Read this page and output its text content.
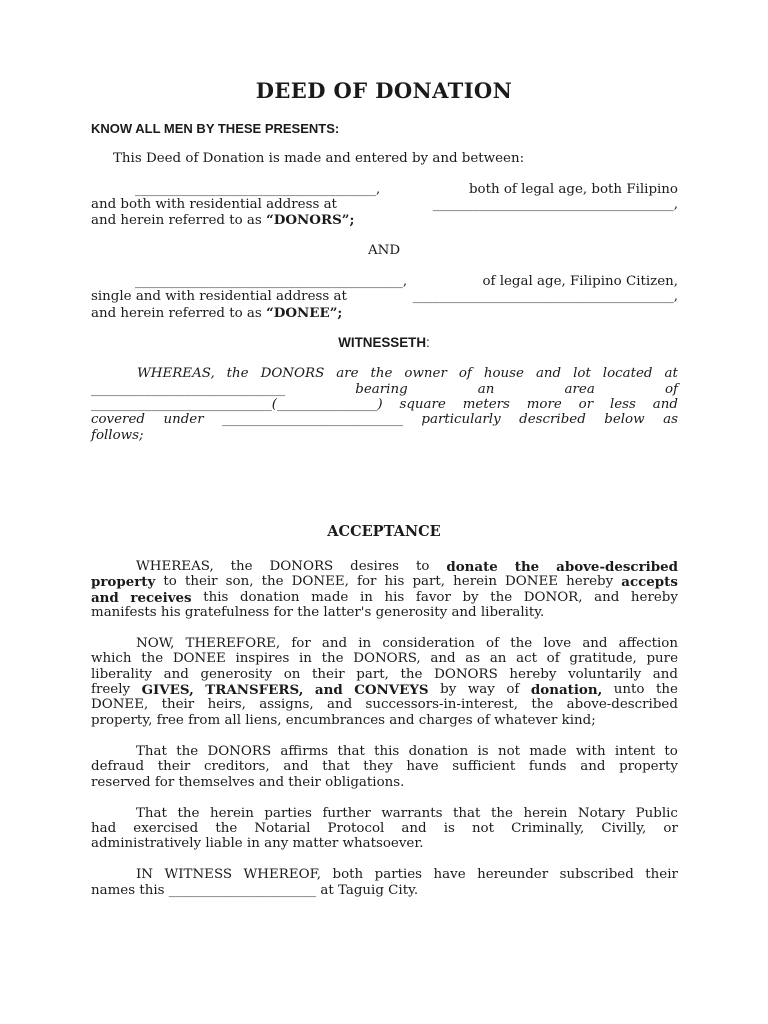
DEED OF DONATION
KNOW ALL MEN BY THESE PRESENTS:
This Deed of Donation is made and entered by and between:
____________________________________,	both of legal age, both Filipino
and both with residential address at	____________________________________,
and herein referred to as “DONORS”;
AND
________________________________________,	of legal age, Filipino Citizen,
single and with residential address at	_______________________________________,
and herein referred to as “DONEE”;
WITNESSETH:
WHEREAS, the DONORS are the owner of house and lot located at
_____________________________	bearing	an	area	of
___________________________(_______________) square meters more or less and
covered under ___________________________ particularly described below as
follows;
ACCEPTANCE
WHEREAS, the DONORS desires to donate the above-described
property to their son, the DONEE, for his part, herein DONEE hereby accepts
and receives this donation made in his favor by the DONOR, and hereby
manifests his gratefulness for the latter's generosity and liberality.
NOW, THEREFORE, for and in consideration of the love and affection
which the DONEE inspires in the DONORS, and as an act of gratitude, pure
liberality and generosity on their part, the DONORS hereby voluntarily and
freely GIVES, TRANSFERS, and CONVEYS by way of donation, unto the
DONEE, their heirs, assigns, and successors-in-interest, the above-described
property, free from all liens, encumbrances and charges of whatever kind;
That the DONORS affirms that this donation is not made with intent to
defraud their creditors, and that they have sufficient funds and property
reserved for themselves and their obligations.
That the herein parties further warrants that the herein Notary Public
had exercised the Notarial Protocol and is not Criminally, Civilly, or
administratively liable in any matter whatsoever.
IN WITNESS WHEREOF, both parties have hereunder subscribed their
names this ______________________ at Taguig City.
